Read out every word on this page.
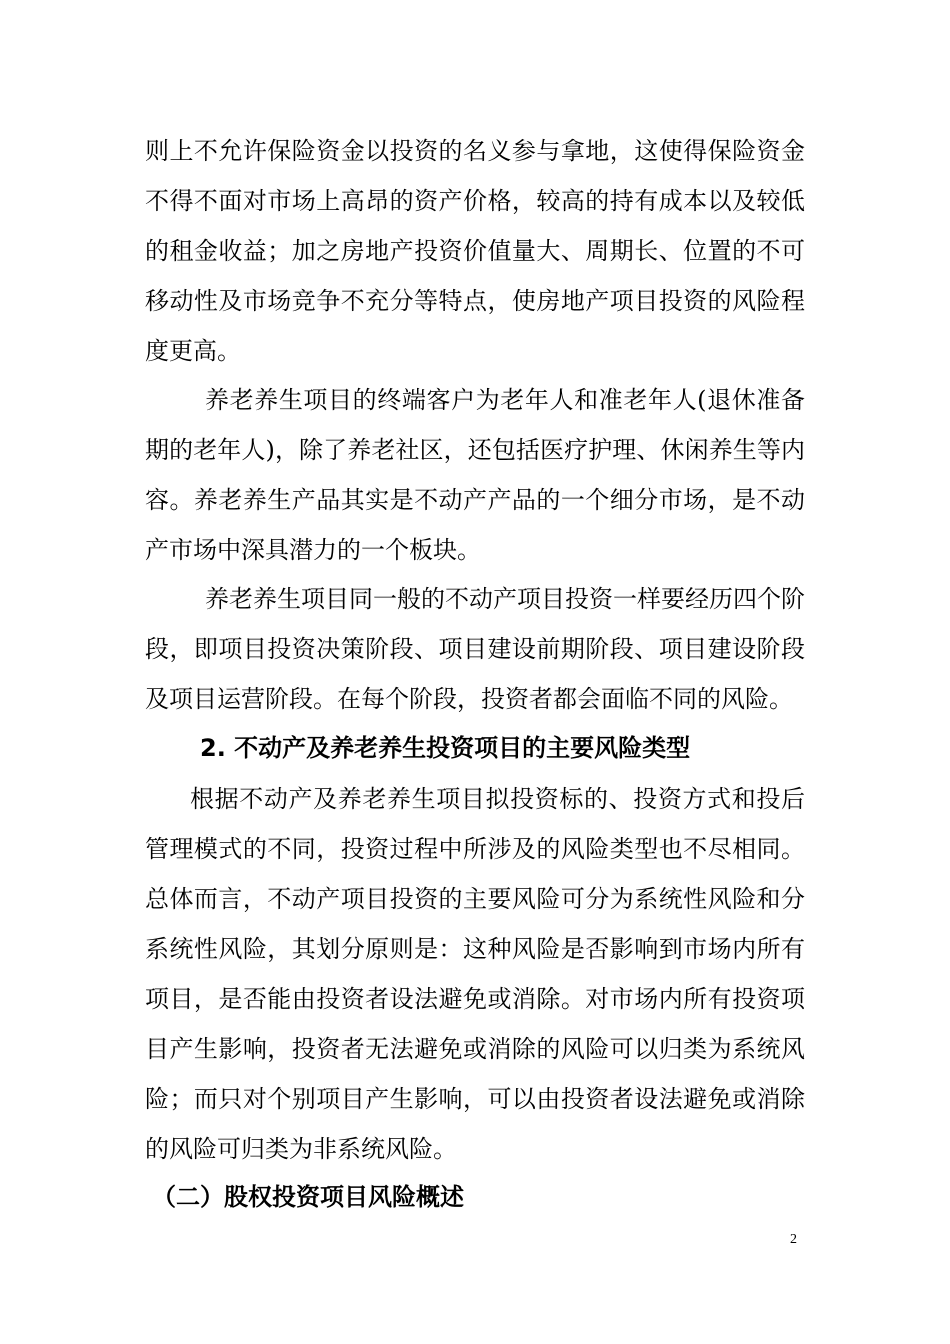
则上不允许保险资金以投资的名义参与拿地，这使得保险资金
不得不面对市场上高昂的资产价格，较高的持有成本以及较低
的租金收益；加之房地产投资价值量大、周期长、位置的不可
移动性及市场竞争不充分等特点，使房地产项目投资的风险程
度更高。
养老养生项目的终端客户为老年人和准老年人(退休准备
期的老年人)，除了养老社区，还包括医疗护理、休闲养生等内
容。养老养生产品其实是不动产产品的一个细分市场，是不动
产市场中深具潜力的一个板块。
养老养生项目同一般的不动产项目投资一样要经历四个阶
段，即项目投资决策阶段、项目建设前期阶段、项目建设阶段
及项目运营阶段。在每个阶段，投资者都会面临不同的风险。
2. 不动产及养老养生投资项目的主要风险类型
根据不动产及养老养生项目拟投资标的、投资方式和投后
管理模式的不同，投资过程中所涉及的风险类型也不尽相同。
总体而言，不动产项目投资的主要风险可分为系统性风险和分
系统性风险，其划分原则是：这种风险是否影响到市场内所有
项目，是否能由投资者设法避免或消除。对市场内所有投资项
目产生影响，投资者无法避免或消除的风险可以归类为系统风
险；而只对个别项目产生影响，可以由投资者设法避免或消除
的风险可归类为非系统风险。
（二）股权投资项目风险概述
2
